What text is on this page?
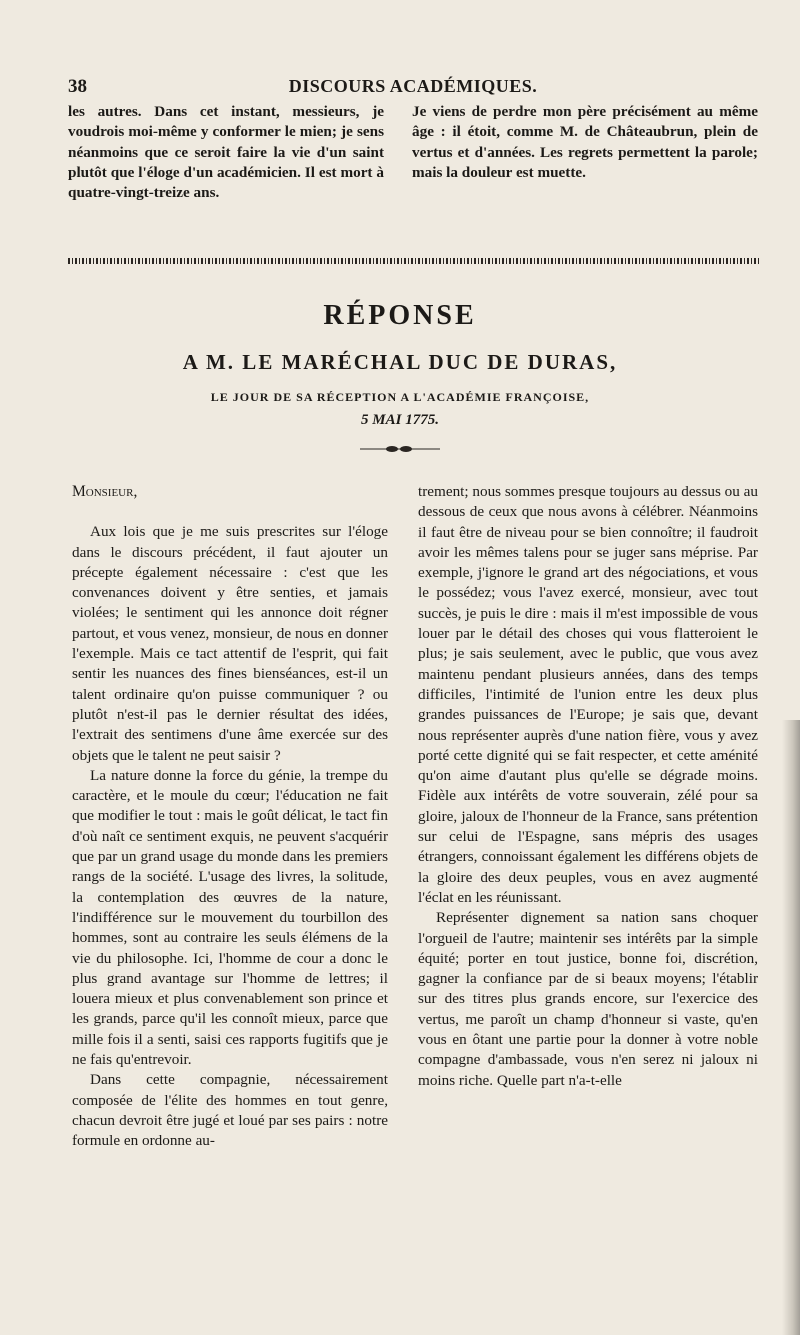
38	DISCOURS ACADÉMIQUES.
les autres. Dans cet instant, messieurs, je voudrois moi-même y conformer le mien; je sens néanmoins que ce seroit faire la vie d'un saint plutôt que l'éloge d'un académicien. Il est mort à quatre-vingt-treize ans.
Je viens de perdre mon père précisément au même âge : il étoit, comme M. de Châteaubrun, plein de vertus et d'années. Les regrets permettent la parole; mais la douleur est muette.
RÉPONSE
A M. LE MARÉCHAL DUC DE DURAS,
LE JOUR DE SA RÉCEPTION A L'ACADÉMIE FRANÇOISE,
5 MAI 1775.

Monsieur,

Aux lois que je me suis prescrites sur l'éloge dans le discours précédent, il faut ajouter un précepte également nécessaire : c'est que les convenances doivent y être senties, et jamais violées; le sentiment qui les annonce doit régner partout, et vous venez, monsieur, de nous en donner l'exemple. Mais ce tact attentif de l'esprit, qui fait sentir les nuances des fines bienséances, est-il un talent ordinaire qu'on puisse communiquer ? ou plutôt n'est-il pas le dernier résultat des idées, l'extrait des sentimens d'une âme exercée sur des objets que le talent ne peut saisir ?

La nature donne la force du génie, la trempe du caractère, et le moule du cœur; l'éducation ne fait que modifier le tout : mais le goût délicat, le tact fin d'où naît ce sentiment exquis, ne peuvent s'acquérir que par un grand usage du monde dans les premiers rangs de la société. L'usage des livres, la solitude, la contemplation des œuvres de la nature, l'indifférence sur le mouvement du tourbillon des hommes, sont au contraire les seuls élémens de la vie du philosophe. Ici, l'homme de cour a donc le plus grand avantage sur l'homme de lettres; il louera mieux et plus convenablement son prince et les grands, parce qu'il les connoît mieux, parce que mille fois il a senti, saisi ces rapports fugitifs que je ne fais qu'entrevoir.

Dans cette compagnie, nécessairement composée de l'élite des hommes en tout genre, chacun devroit être jugé et loué par ses pairs : notre formule en ordonne au-

trement; nous sommes presque toujours au dessus ou au dessous de ceux que nous avons à célébrer. Néanmoins il faut être de niveau pour se bien connoître; il faudroit avoir les mêmes talens pour se juger sans méprise. Par exemple, j'ignore le grand art des négociations, et vous le possédez; vous l'avez exercé, monsieur, avec tout succès, je puis le dire : mais il m'est impossible de vous louer par le détail des choses qui vous flatteroient le plus; je sais seulement, avec le public, que vous avez maintenu pendant plusieurs années, dans des temps difficiles, l'intimité de l'union entre les deux plus grandes puissances de l'Europe; je sais que, devant nous représenter auprès d'une nation fière, vous y avez porté cette dignité qui se fait respecter, et cette aménité qu'on aime d'autant plus qu'elle se dégrade moins. Fidèle aux intérêts de votre souverain, zélé pour sa gloire, jaloux de l'honneur de la France, sans prétention sur celui de l'Espagne, sans mépris des usages étrangers, connoissant également les différens objets de la gloire des deux peuples, vous en avez augmenté l'éclat en les réunissant.

Représenter dignement sa nation sans choquer l'orgueil de l'autre; maintenir ses intérêts par la simple équité; porter en tout justice, bonne foi, discrétion, gagner la confiance par de si beaux moyens; l'établir sur des titres plus grands encore, sur l'exercice des vertus, me paroît un champ d'honneur si vaste, qu'en vous en ôtant une partie pour la donner à votre noble compagne d'ambassade, vous n'en serez ni jaloux ni moins riche. Quelle part n'a-t-elle
